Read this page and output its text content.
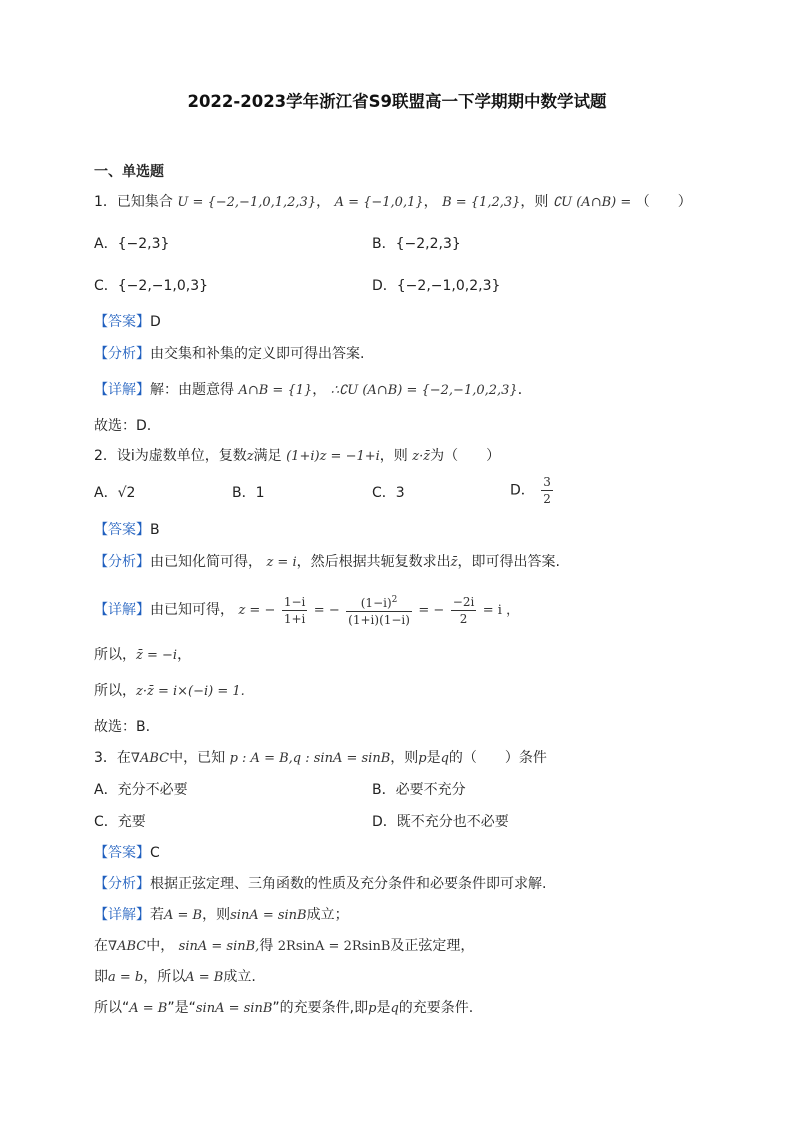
2022-2023学年浙江省S9联盟高一下学期期中数学试题
一、单选题
1．已知集合 U = {−2,−1,0,1,2,3}， A = {−1,0,1}， B = {1,2,3}，则 ∁U (A∩B) = （　　）
A．{−2,3}	B．{−2,2,3}
C．{−2,−1,0,3}	D．{−2,−1,0,2,3}
【答案】D
【分析】由交集和补集的定义即可得出答案.
【详解】解：由题意得 A∩B = {1}， ∴∁U (A∩B) = {−2,−1,0,2,3}．
故选：D.
2．设i为虚数单位，复数z满足 (1+i)z = −1+i，则 z·z̄为（　　）
A．√2	B．1	C．3	D． $\frac{3}{2}$
【答案】B
【分析】由已知化简可得， z = i，然后根据共轭复数求出z̄，即可得出答案.
【详解】由已知可得， z = − $\frac{1-i}{1+i}$ = − $\frac{(1-i)^2}{(1+i)(1-i)}$ = − $\frac{-2i}{2} = i$ ，
所以，z̄ = −i，
所以，z·z̄ = i×(−i) = 1.
故选：B.
3．在∇ABC中，已知 p : A = B,q : sinA = sinB，则p是q的（　　）条件
A．充分不必要	B．必要不充分
C．充要	D．既不充分也不必要
【答案】C
【分析】根据正弦定理、三角函数的性质及充分条件和必要条件即可求解.
【详解】若A = B，则sinA = sinB成立；
在∇ABC中， sinA = sinB,得 2RsinA = 2RsinB及正弦定理，
即a = b，所以A = B成立.
所以“A = B”是“sinA = sinB”的充要条件,即p是q的充要条件.
